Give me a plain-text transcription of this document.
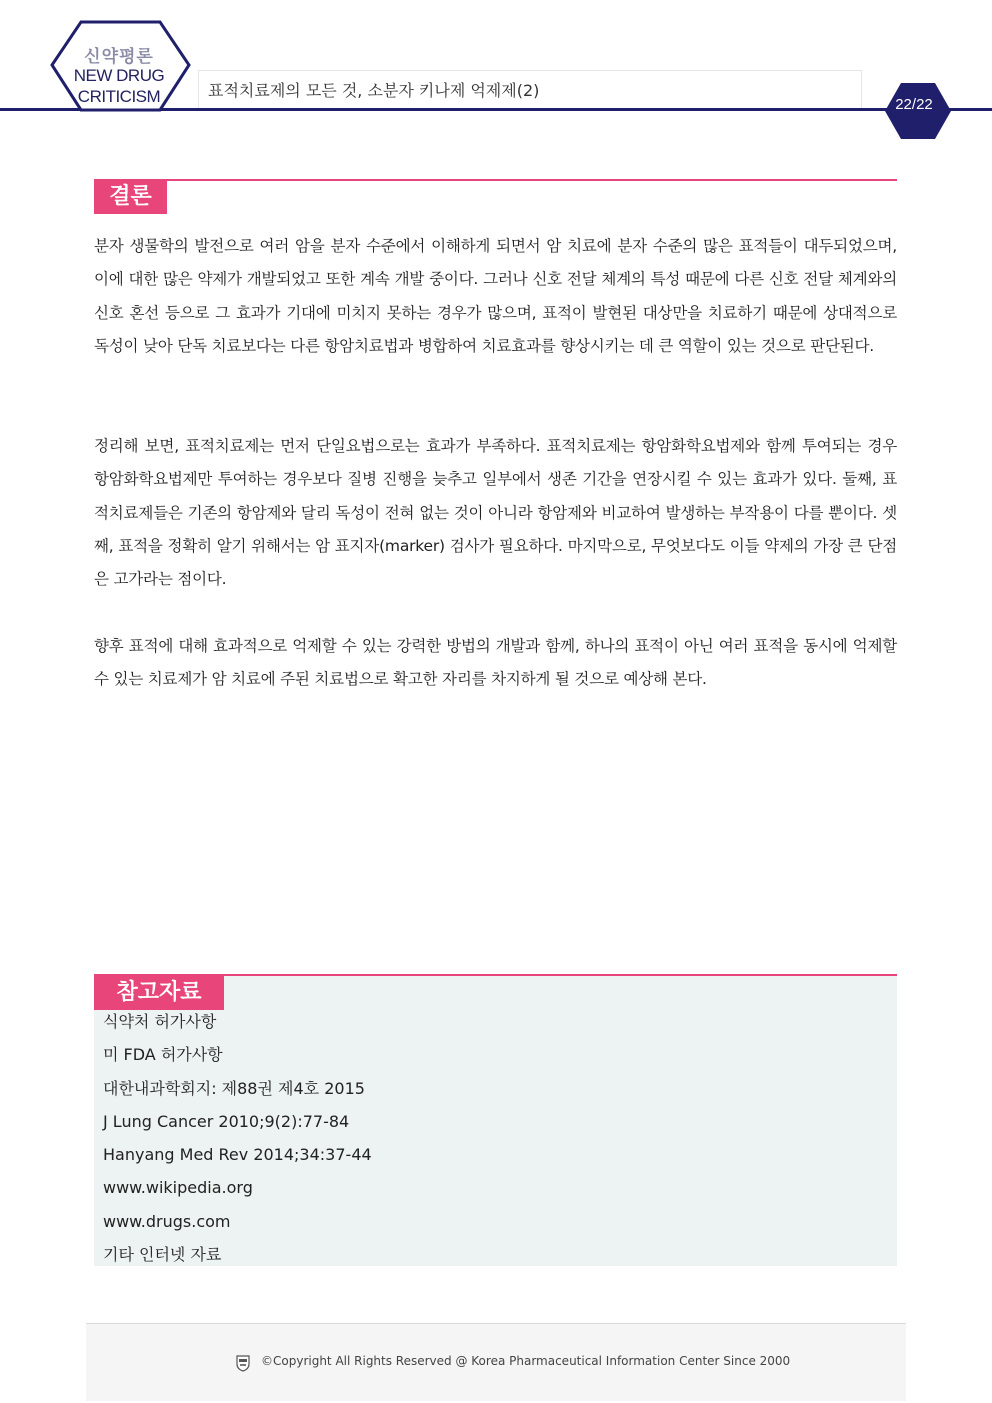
신약평론
NEW DRUG
CRITICISM	표적치료제의 모든 것, 소분자 키나제 억제제(2)
22/22
결론

분자 생물학의 발전으로 여러 암을 분자 수준에서 이해하게 되면서 암 치료에 분자 수준의 많은 표적들이 대두되었으며, 이에 대한 많은 약제가 개발되었고 또한 계속 개발 중이다. 그러나 신호 전달 체계의 특성 때문에 다른 신호 전달 체계와의 신호 혼선 등으로 그 효과가 기대에 미치지 못하는 경우가 많으며, 표적이 발현된 대상만을 치료하기 때문에 상대적으로 독성이 낮아 단독 치료보다는 다른 항암치료법과 병합하여 치료효과를 향상시키는 데 큰 역할이 있는 것으로 판단된다.

정리해 보면, 표적치료제는 먼저 단일요법으로는 효과가 부족하다. 표적치료제는 항암화학요법제와 함께 투여되는 경우 항암화학요법제만 투여하는 경우보다 질병 진행을 늦추고 일부에서 생존 기간을 연장시킬 수 있는 효과가 있다. 둘째, 표적치료제들은 기존의 항암제와 달리 독성이 전혀 없는 것이 아니라 항암제와 비교하여 발생하는 부작용이 다를 뿐이다. 셋째, 표적을 정확히 알기 위해서는 암 표지자(marker) 검사가 필요하다. 마지막으로, 무엇보다도 이들 약제의 가장 큰 단점은 고가라는 점이다.

향후 표적에 대해 효과적으로 억제할 수 있는 강력한 방법의 개발과 함께, 하나의 표적이 아닌 여러 표적을 동시에 억제할 수 있는 치료제가 암 치료에 주된 치료법으로 확고한 자리를 차지하게 될 것으로 예상해 본다.

참고자료
식약처 허가사항
미 FDA 허가사항
대한내과학회지: 제88권 제4호 2015
J Lung Cancer 2010;9(2):77-84
Hanyang Med Rev 2014;34:37-44
www.wikipedia.org
www.drugs.com
기타 인터넷 자료
©Copyright All Rights Reserved @ Korea Pharmaceutical Information Center Since 2000
